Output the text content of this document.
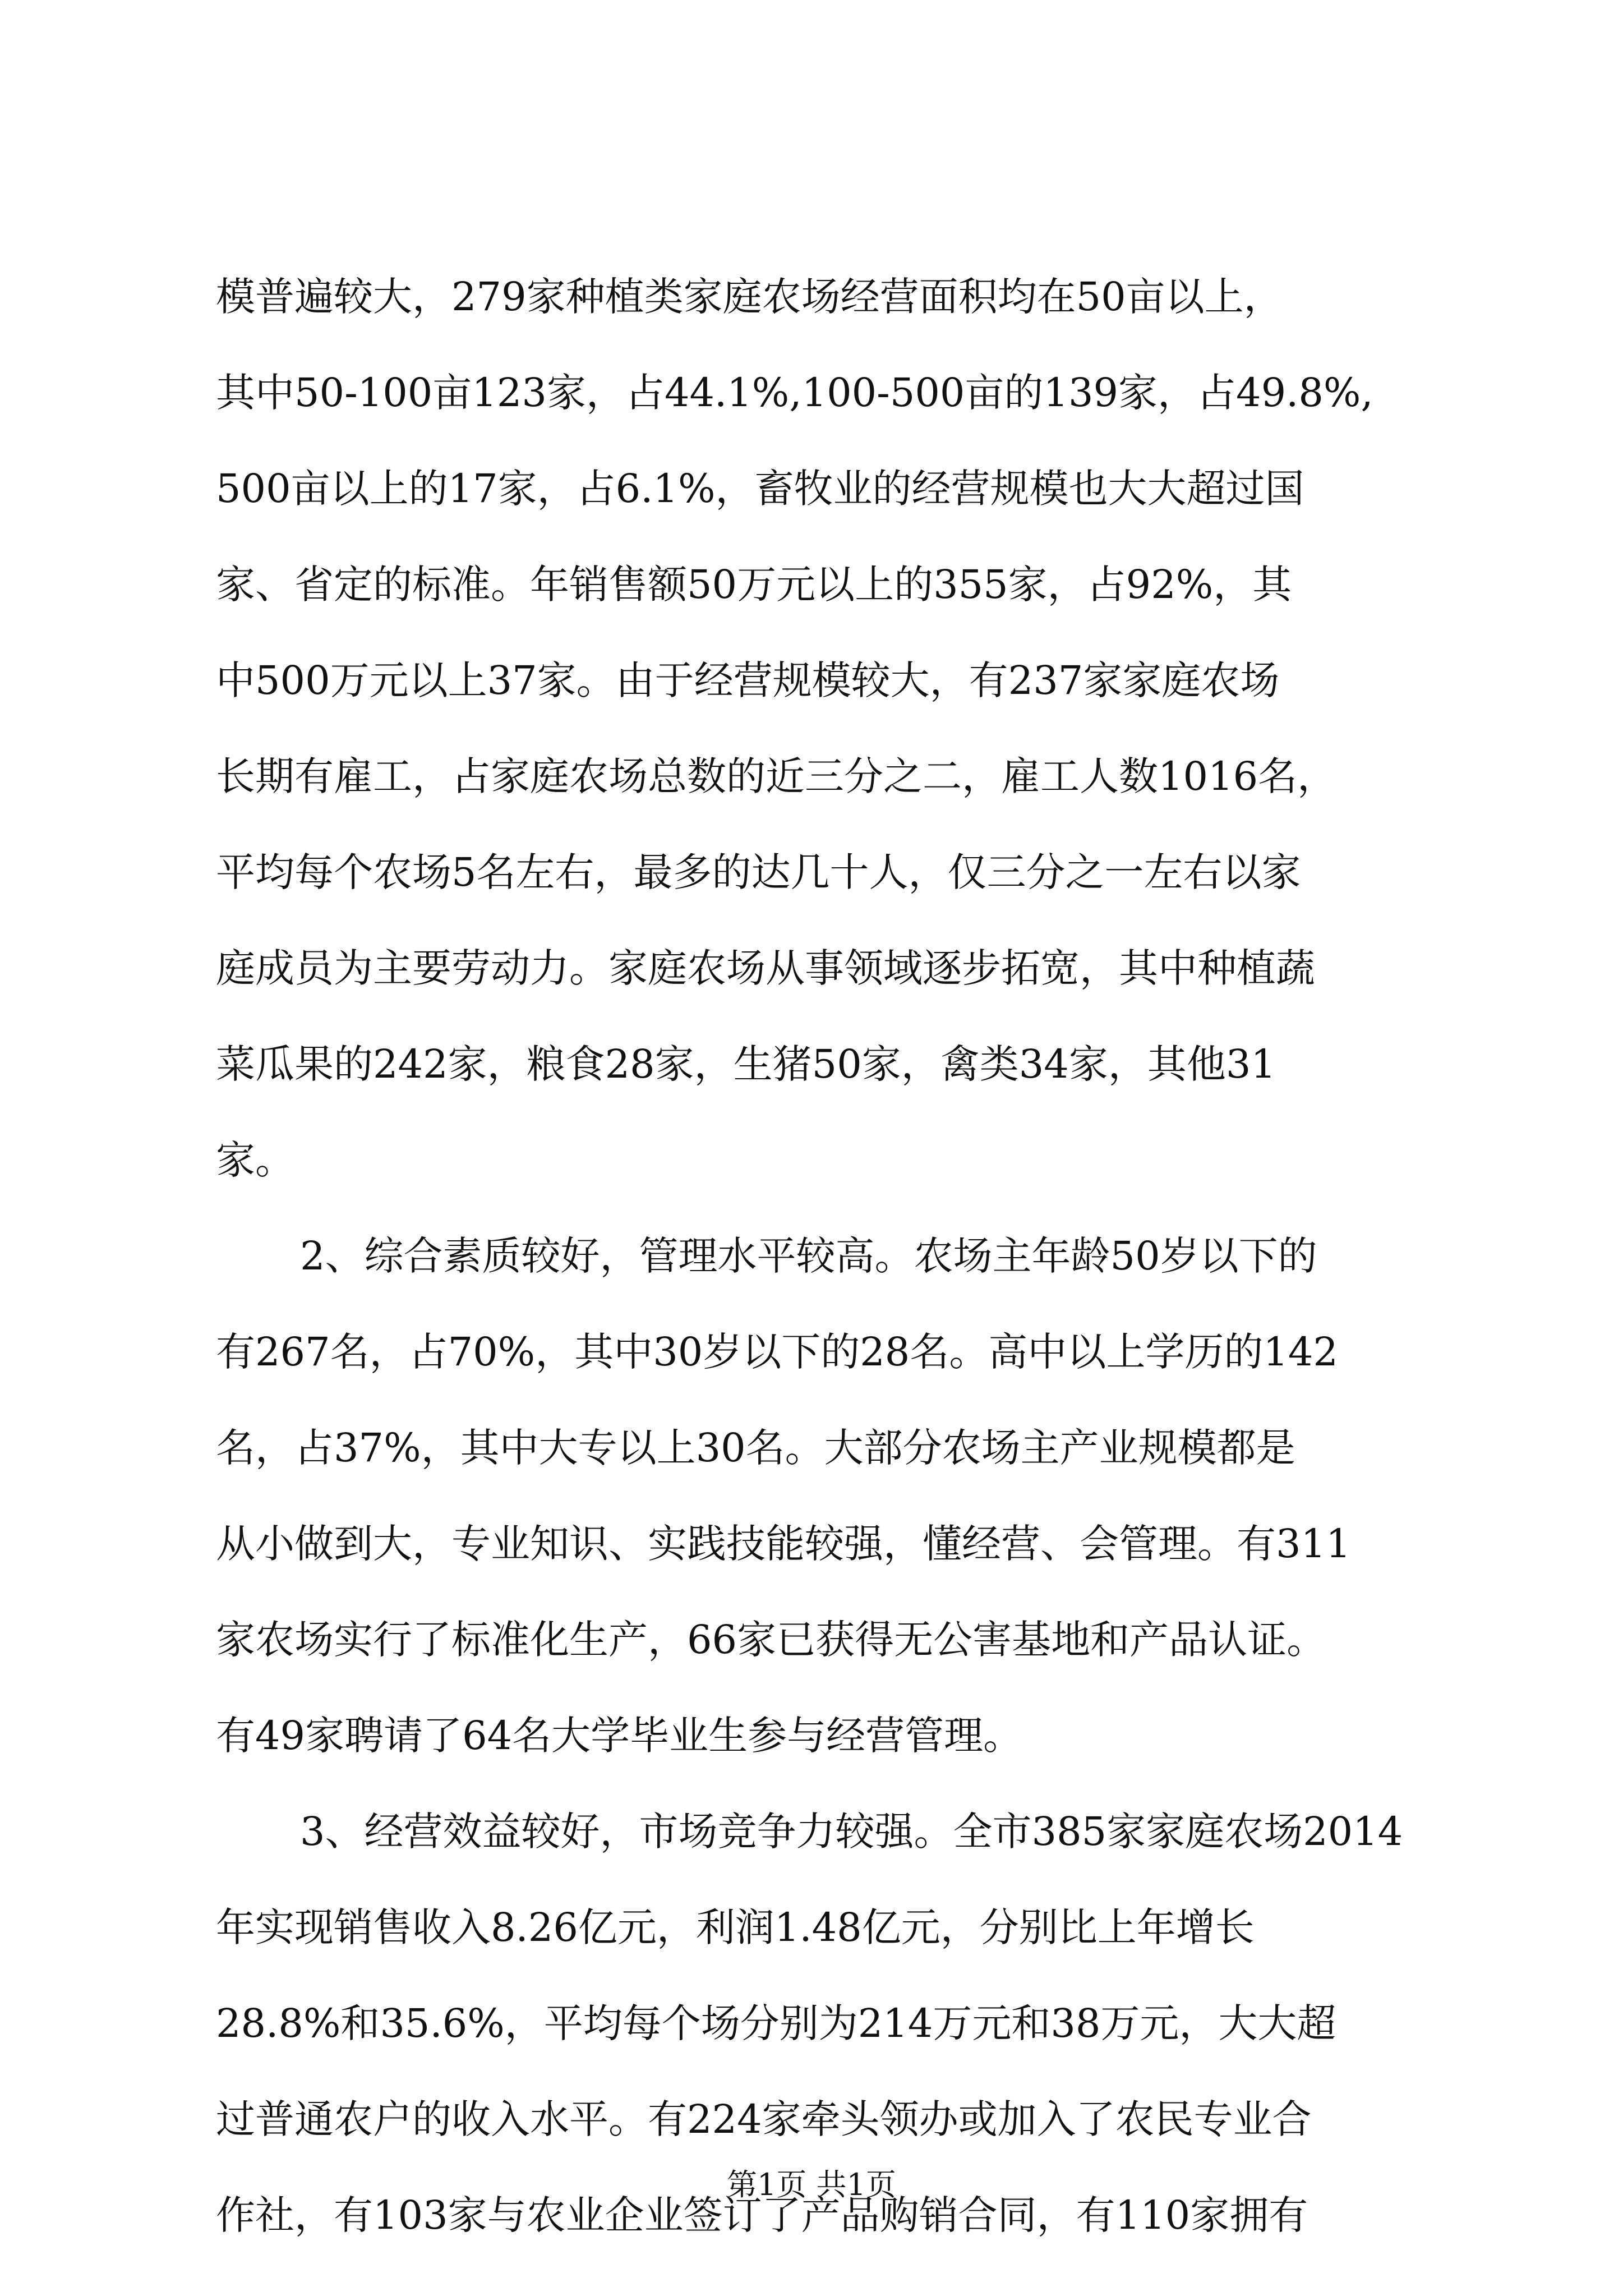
模普遍较大，279家种植类家庭农场经营面积均在50亩以上，
其中50-100亩123家，占44.1%,100-500亩的139家，占49.8%,
500亩以上的17家，占6.1%，畜牧业的经营规模也大大超过国
家、省定的标准。年销售额50万元以上的355家，占92%，其
中500万元以上37家。由于经营规模较大，有237家家庭农场
长期有雇工，占家庭农场总数的近三分之二，雇工人数1016名，
平均每个农场5名左右，最多的达几十人，仅三分之一左右以家
庭成员为主要劳动力。家庭农场从事领域逐步拓宽，其中种植蔬
菜瓜果的242家，粮食28家，生猪50家，禽类34家，其他31
家。
2、综合素质较好，管理水平较高。农场主年龄50岁以下的
有267名，占70%，其中30岁以下的28名。高中以上学历的142
名，占37%，其中大专以上30名。大部分农场主产业规模都是
从小做到大，专业知识、实践技能较强，懂经营、会管理。有311
家农场实行了标准化生产，66家已获得无公害基地和产品认证。
有49家聘请了64名大学毕业生参与经营管理。
3、经营效益较好，市场竞争力较强。全市385家家庭农场2014
年实现销售收入8.26亿元，利润1.48亿元，分别比上年增长
28.8%和35.6%，平均每个场分别为214万元和38万元，大大超
过普通农户的收入水平。有224家牵头领办或加入了农民专业合
作社，有103家与农业企业签订了产品购销合同，有110家拥有
第1页 共1页
